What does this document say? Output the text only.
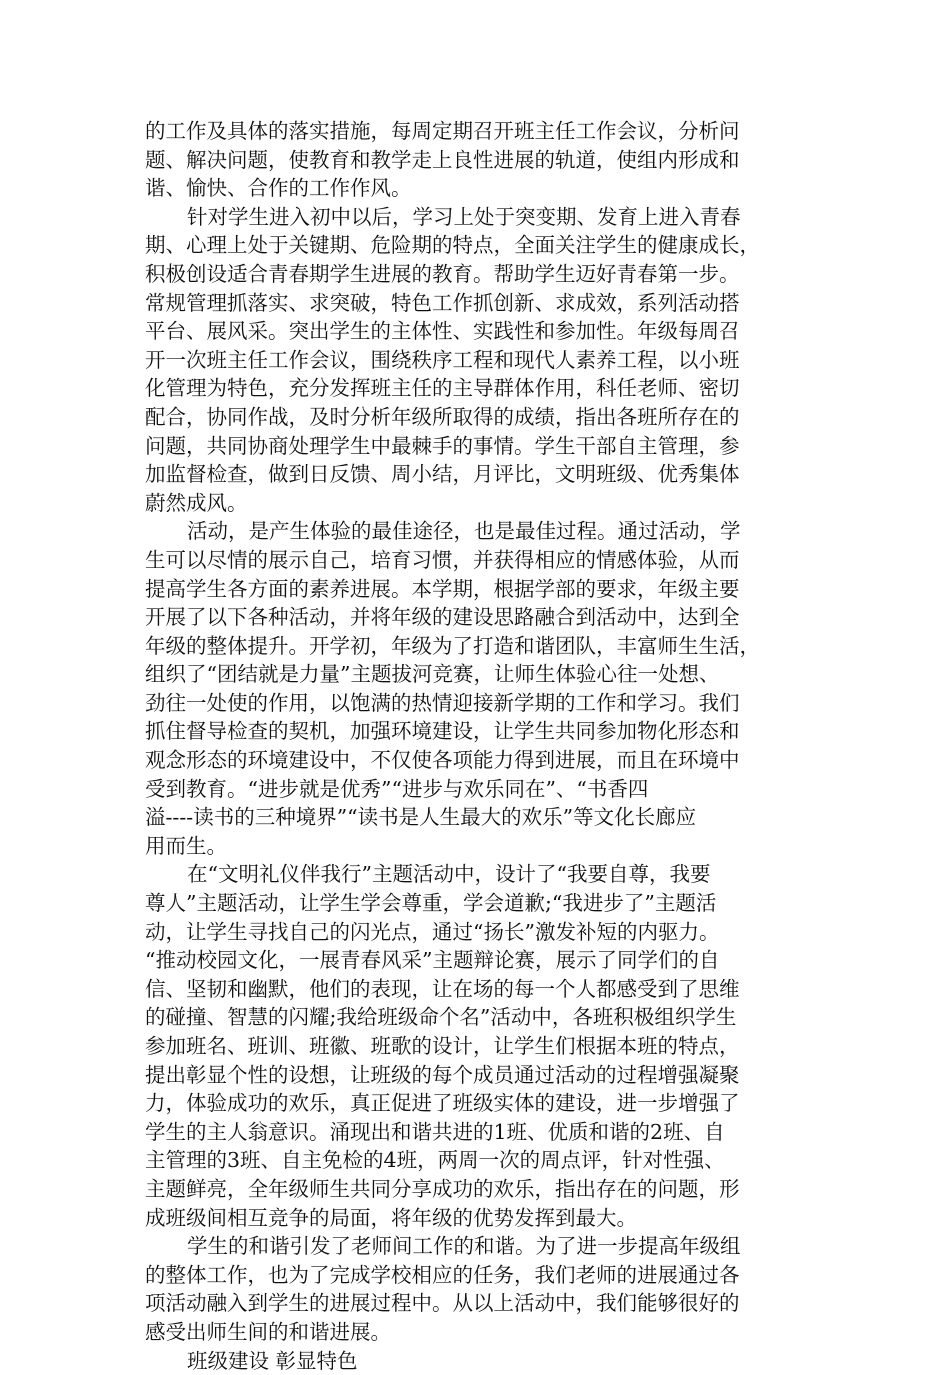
的工作及具体的落实措施，每周定期召开班主任工作会议，分析问
题、解决问题，使教育和教学走上良性进展的轨道，使组内形成和
谐、愉快、合作的工作作风。

针对学生进入初中以后，学习上处于突变期、发育上进入青春
期、心理上处于关键期、危险期的特点，全面关注学生的健康成长，
积极创设适合青春期学生进展的教育。帮助学生迈好青春第一步。
常规管理抓落实、求突破，特色工作抓创新、求成效，系列活动搭
平台、展风采。突出学生的主体性、实践性和参加性。年级每周召
开一次班主任工作会议，围绕秩序工程和现代人素养工程，以小班
化管理为特色，充分发挥班主任的主导群体作用，科任老师、密切
配合，协同作战，及时分析年级所取得的成绩，指出各班所存在的
问题，共同协商处理学生中最棘手的事情。学生干部自主管理，参
加监督检查，做到日反馈、周小结，月评比，文明班级、优秀集体
蔚然成风。

活动，是产生体验的最佳途径，也是最佳过程。通过活动，学
生可以尽情的展示自己，培育习惯，并获得相应的情感体验，从而
提高学生各方面的素养进展。本学期，根据学部的要求，年级主要
开展了以下各种活动，并将年级的建设思路融合到活动中，达到全
年级的整体提升。开学初，年级为了打造和谐团队，丰富师生生活，
组织了“团结就是力量”主题拔河竞赛，让师生体验心往一处想、
劲往一处使的作用，以饱满的热情迎接新学期的工作和学习。我们
抓住督导检查的契机，加强环境建设，让学生共同参加物化形态和
观念形态的环境建设中，不仅使各项能力得到进展，而且在环境中
受到教育。“进步就是优秀”“进步与欢乐同在”、“书香四
溢----读书的三种境界”“读书是人生最大的欢乐”等文化长廊应
用而生。

在“文明礼仪伴我行”主题活动中，设计了“我要自尊，我要
尊人”主题活动，让学生学会尊重，学会道歉;“我进步了”主题活
动，让学生寻找自己的闪光点，通过“扬长”激发补短的内驱力。
“推动校园文化，一展青春风采”主题辩论赛，展示了同学们的自
信、坚韧和幽默，他们的表现，让在场的每一个人都感受到了思维
的碰撞、智慧的闪耀;我给班级命个名”活动中，各班积极组织学生
参加班名、班训、班徽、班歌的设计，让学生们根据本班的特点，
提出彰显个性的设想，让班级的每个成员通过活动的过程增强凝聚
力，体验成功的欢乐，真正促进了班级实体的建设，进一步增强了
学生的主人翁意识。涌现出和谐共进的1班、优质和谐的2班、自
主管理的3班、自主免检的4班，两周一次的周点评，针对性强、
主题鲜亮，全年级师生共同分享成功的欢乐，指出存在的问题，形
成班级间相互竞争的局面，将年级的优势发挥到最大。

学生的和谐引发了老师间工作的和谐。为了进一步提高年级组
的整体工作，也为了完成学校相应的任务，我们老师的进展通过各
项活动融入到学生的进展过程中。从以上活动中，我们能够很好的
感受出师生间的和谐进展。

班级建设 彰显特色
